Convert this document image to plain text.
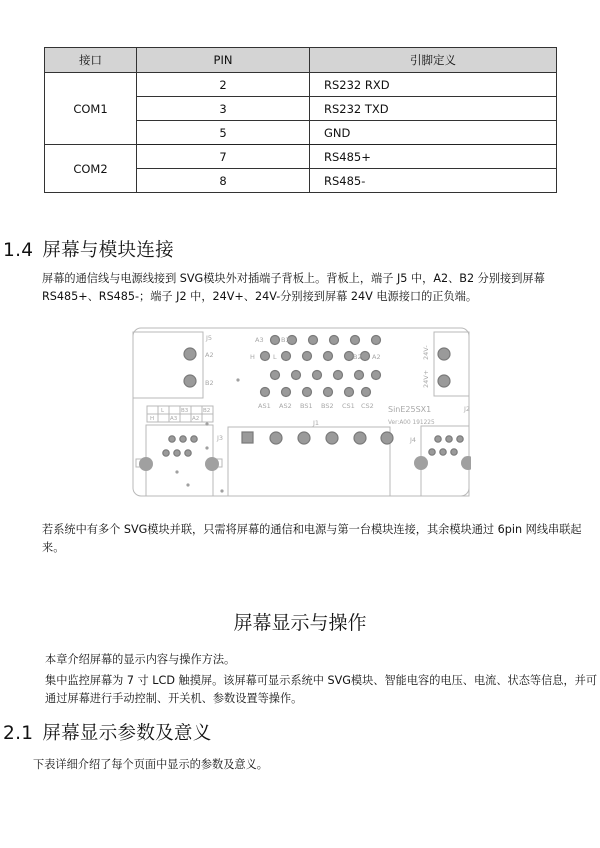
接口	PIN	引脚定义
COM1	2	RS232 RXD
	3	RS232 TXD
	5	GND
COM2	7	RS485+
	8	RS485-
1.4 屏幕与模块连接

屏幕的通信线与电源线接到 SVG模块外对插端子背板上。背板上，端子 J5 中，A2、B2 分别接到屏幕 RS485+、RS485-；端子 J2 中，24V+、24V-分别接到屏幕 24V 电源接口的正负端。

J5
A2
B2
A3	B3
H	L	B2 A2
AS1 AS2 BS1 BS2 CS1 CS2
J3
J1
J4
J2
24V-
24V+
SinE25SX1
Ver:A00 191225
L	B3	B2
H	A3	A2

若系统中有多个 SVG模块并联，只需将屏幕的通信和电源与第一台模块连接，其余模块通过 6pin 网线串联起来。

屏幕显示与操作

本章介绍屏幕的显示内容与操作方法。

集中监控屏幕为 7 寸 LCD 触摸屏。该屏幕可显示系统中 SVG模块、智能电容的电压、电流、状态等信息，并可通过屏幕进行手动控制、开关机、参数设置等操作。

2.1 屏幕显示参数及意义

下表详细介绍了每个页面中显示的参数及意义。
